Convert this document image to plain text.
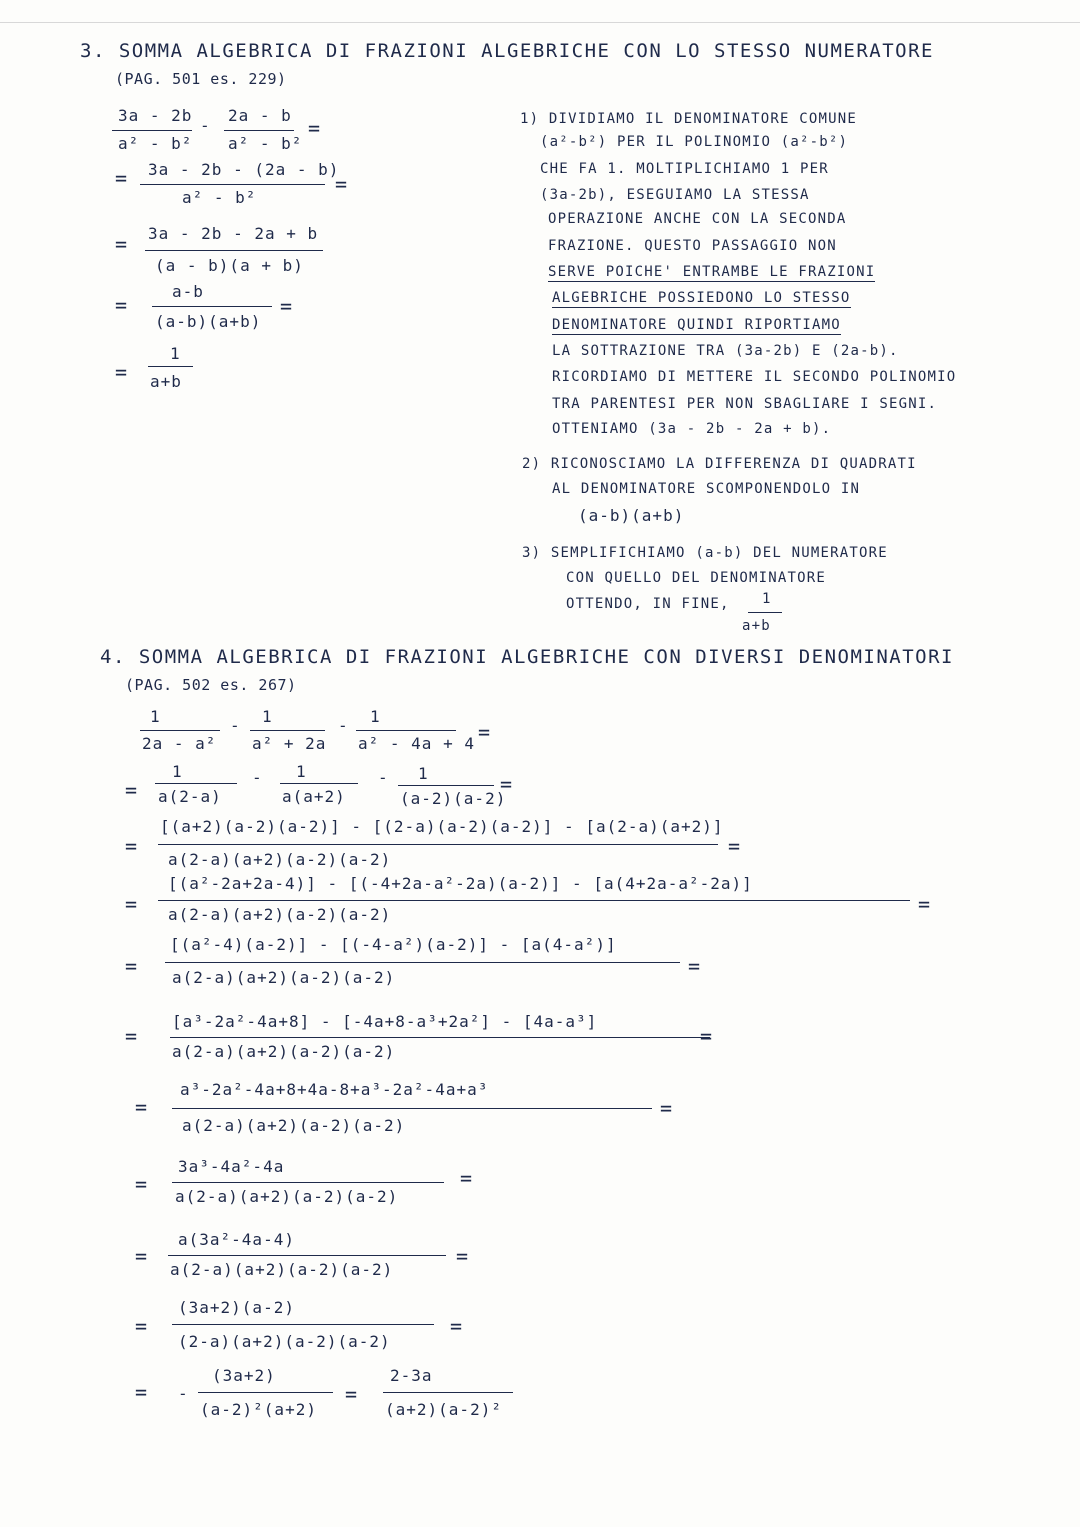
3. SOMMA ALGEBRICA DI FRAZIONI ALGEBRICHE CON LO STESSO NUMERATORE
(PAG. 501 es. 229)
3a - 2b
a² - b²
-
2a - b
a² - b²
=
= 3a - 2b - (2a - b)
a² - b²
=
= 3a - 2b - 2a + b
(a - b)(a + b)
=
a-b
(a-b)(a+b)
=
=
1
a+b
1) DIVIDIAMO IL DENOMINATORE COMUNE
(a²-b²) PER IL POLINOMIO (a²-b²)
CHE FA 1. MOLTIPLICHIAMO 1 PER
(3a-2b), ESEGUIAMO LA STESSA
OPERAZIONE ANCHE CON LA SECONDA
FRAZIONE. QUESTO PASSAGGIO NON
SERVE POICHE' ENTRAMBE LE FRAZIONI
ALGEBRICHE POSSIEDONO LO STESSO
DENOMINATORE QUINDI RIPORTIAMO
LA SOTTRAZIONE TRA (3a-2b) E (2a-b).
RICORDIAMO DI METTERE IL SECONDO POLINOMIO
TRA PARENTESI PER NON SBAGLIARE I SEGNI.
OTTENIAMO (3a - 2b - 2a + b).
2) RICONOSCIAMO LA DIFFERENZA DI QUADRATI
AL DENOMINATORE SCOMPONENDOLO IN
(a-b)(a+b)
3) SEMPLIFICHIAMO (a-b) DEL NUMERATORE
CON QUELLO DEL DENOMINATORE
OTTENDO, IN FINE, 1
a+b
4. SOMMA ALGEBRICA DI FRAZIONI ALGEBRICHE CON DIVERSI DENOMINATORI
(PAG. 502 es. 267)
1
2a - a²
- 1
a² + 2a
- 1
a² - 4a + 4 =
=
1
a(2-a)
- 1
a(a+2)
- 1
(a-2)(a-2)
=
=
[(a+2)(a-2)(a-2)] - [(2-a)(a-2)(a-2)] - [a(2-a)(a+2)]
a(2-a)(a+2)(a-2)(a-2)
=
=
[(a²-2a+2a-4)] - [(-4+2a-a²-2a)(a-2)] - [a(4+2a-a²-2a)]
a(2-a)(a+2)(a-2)(a-2)	=
=
[(a²-4)(a-2)] - [(-4-a²)(a-2)] - [a(4-a²)]
a(2-a)(a+2)(a-2)(a-2)	=
=
[a³-2a²-4a+8] - [-4a+8-a³+2a²] - [4a-a³]
a(2-a)(a+2)(a-2)(a-2)
=
=
a³-2a²-4a+8+4a-8+a³-2a²-4a+a³
a(2-a)(a+2)(a-2)(a-2)
=
=
3a³-4a²-4a
a(2-a)(a+2)(a-2)(a-2)
=
=
a(3a²-4a-4)
a(2-a)(a+2)(a-2)(a-2)
=
=
(3a+2)(a-2)
(2-a)(a+2)(a-2)(a-2)
=
= -
(3a+2)
(a-2)²(a+2)
=
2-3a
(a+2)(a-2)²
